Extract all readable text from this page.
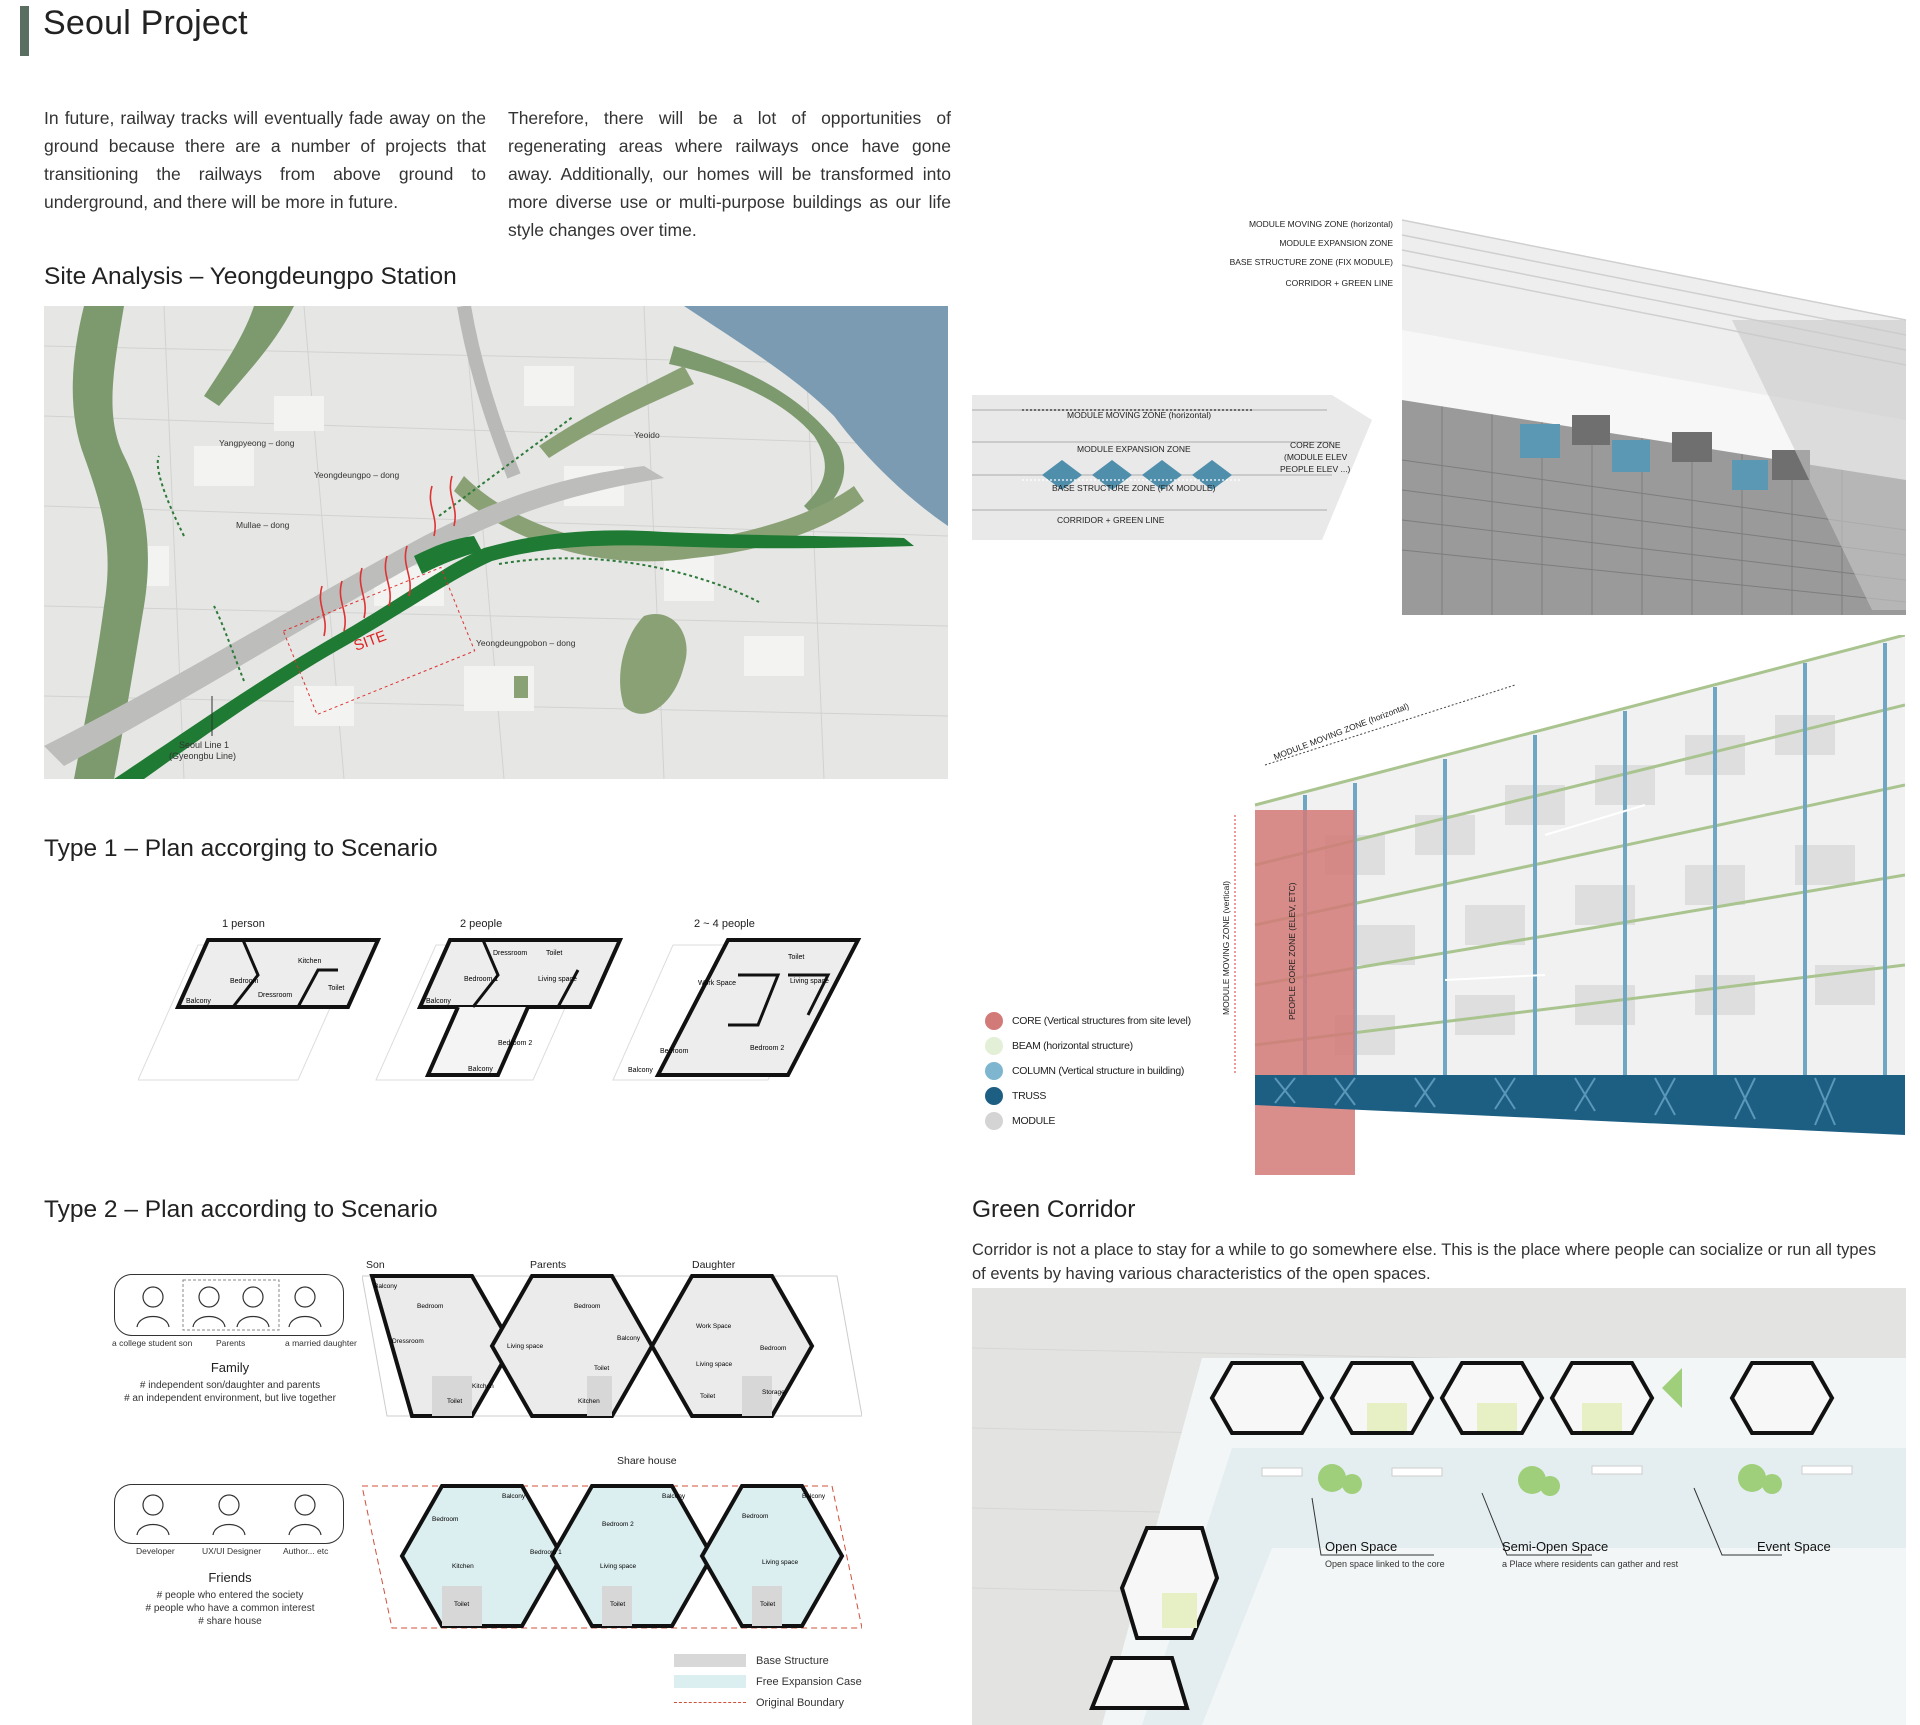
Seoul Project
In future, railway tracks will eventually fade away on the ground because there are a number of projects that transitioning the railways from above ground to underground, and there will be more in future.
Therefore, there will be a lot of opportunities of regenerating areas where railways once have gone away. Additionally, our homes will be transformed into more diverse use or multi-purpose buildings as our life style changes over time.
Site Analysis – Yeongdeungpo Station
Yangpyeong – dong
Yeongdeungpo – dong
Mullae – dong
Yeoido
Yeongdeungpobon – dong
SITE
Seoul Line 1
(Gyeongbu Line)
Type 1 – Plan accorging to Scenario
1 person	2 people	2 ~ 4 people
Bedroom
Kitchen
Dressroom
Toilet
Balcony
Dressroom	Toilet
Bedroom 1	Living space
Balcony
Bedroom 2
Balcony
Toilet
Work Space	Living space
Bedroom	Bedroom 2
Balcony
Type 2 – Plan according to Scenario
a college student son	Parents	a married daughter
Family
# independent son/daughter and parents
# an independent environment, but live together
Developer	UX/UI Designer	Author... etc
Friends
# people who entered the society
# people who have a common interest
# share house
Son	Parents	Daughter
Balcony
Bedroom
Dressroom
Kitchen
Toilet
Living space
Bedroom
Balcony
Toilet
Kitchen
Work Space
Living space
Bedroom
Toilet
Storage
Share house
Balcony	Balcony	Balcony
Bedroom
Bedroom 2
Bedroom
Kitchen
Bedroom 1
Living space
Living space
Toilet	Toilet	Toilet
Base Structure
Free Expansion Case
Original Boundary
MODULE MOVING ZONE (horizontal)
MODULE EXPANSION ZONE
BASE STRUCTURE ZONE (FIX MODULE)
CORRIDOR + GREEN LINE
CORE ZONE
(MODULE ELEV
PEOPLE ELEV ...)
MODULE MOVING ZONE (horizontal)
MODULE EXPANSION ZONE
BASE STRUCTURE ZONE (FIX MODULE)
CORRIDOR + GREEN LINE
MODULE MOVING ZONE (horizontal)
MODULE MOVING ZONE (vertical)	PEOPLE CORE ZONE (ELEV, ETC)
CORE (Vertical structures from site level)
BEAM (horizontal structure)
COLUMN (Vertical structure in building)
TRUSS
MODULE
Green Corridor
Corridor is not a place to stay for a while to go somewhere else. This is the place where people can socialize or run all types of events by having various characteristics of the open spaces.
Open Space
Open space linked to the core
Semi-Open Space
a Place where residents can gather and rest
Event Space
